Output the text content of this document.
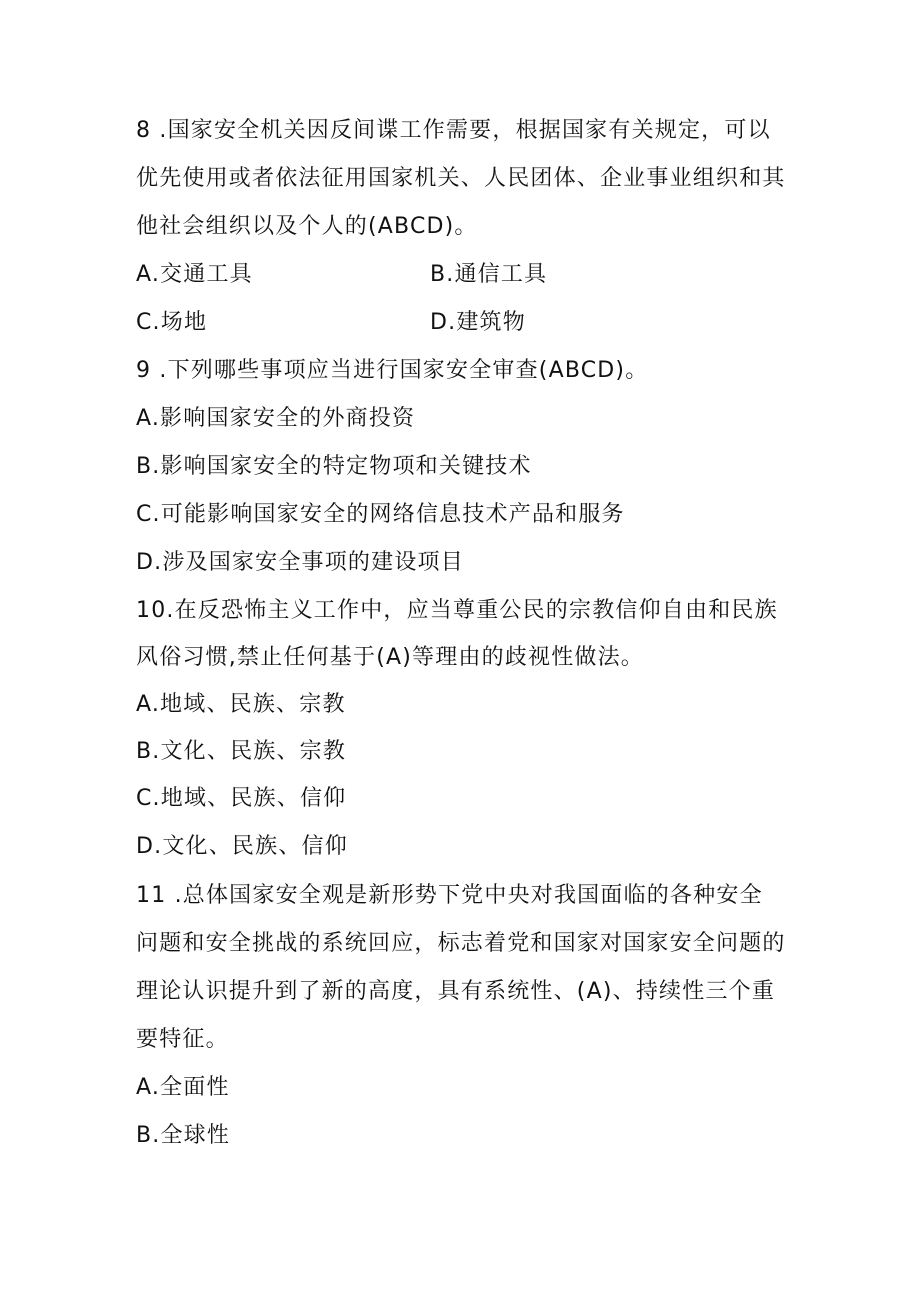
8 .国家安全机关因反间谍工作需要，根据国家有关规定，可以
优先使用或者依法征用国家机关、人民团体、企业事业组织和其
他社会组织以及个人的(ABCD)。
A.交通工具	B.通信工具
C.场地	D.建筑物
9 .下列哪些事项应当进行国家安全审查(ABCD)。
A.影响国家安全的外商投资
B.影响国家安全的特定物项和关键技术
C.可能影响国家安全的网络信息技术产品和服务
D.涉及国家安全事项的建设项目
10.在反恐怖主义工作中，应当尊重公民的宗教信仰自由和民族
风俗习惯,禁止任何基于(A)等理由的歧视性做法。
A.地域、民族、宗教
B.文化、民族、宗教
C.地域、民族、信仰
D.文化、民族、信仰
11 .总体国家安全观是新形势下党中央对我国面临的各种安全
问题和安全挑战的系统回应，标志着党和国家对国家安全问题的
理论认识提升到了新的高度，具有系统性、(A)、持续性三个重
要特征。
A.全面性
B.全球性
